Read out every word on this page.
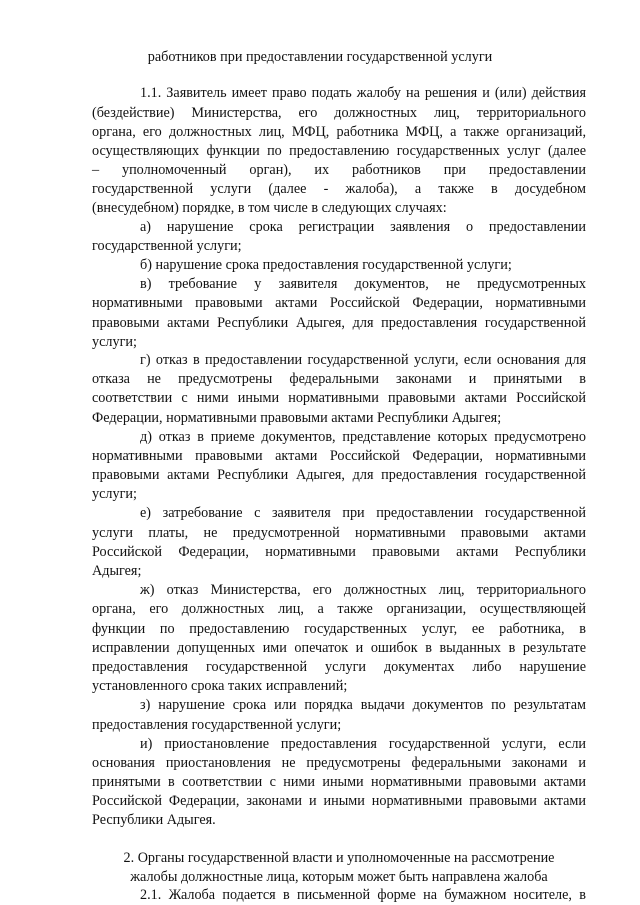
работников при предоставлении государственной услуги
1.1. Заявитель имеет право подать жалобу на решения и (или) действия
(бездействие) Министерства, его должностных лиц, территориального
органа, его должностных лиц, МФЦ, работника МФЦ, а также организаций,
осуществляющих функции по предоставлению государственных услуг (далее
– уполномоченный орган), их работников при предоставлении
государственной услуги (далее - жалоба), а также в досудебном
(внесудебном) порядке, в том числе в следующих случаях:
а) нарушение срока регистрации заявления о предоставлении
государственной услуги;
б) нарушение срока предоставления государственной услуги;
в) требование у заявителя документов, не предусмотренных
нормативными правовыми актами Российской Федерации, нормативными
правовыми актами Республики Адыгея, для предоставления государственной
услуги;
г) отказ в предоставлении государственной услуги, если основания для
отказа не предусмотрены федеральными законами и принятыми в
соответствии с ними иными нормативными правовыми актами Российской
Федерации, нормативными правовыми актами Республики Адыгея;
д) отказ в приеме документов, представление которых предусмотрено
нормативными правовыми актами Российской Федерации, нормативными
правовыми актами Республики Адыгея, для предоставления государственной
услуги;
е) затребование с заявителя при предоставлении государственной
услуги платы, не предусмотренной нормативными правовыми актами
Российской Федерации, нормативными правовыми актами Республики
Адыгея;
ж) отказ Министерства, его должностных лиц, территориального
органа, его должностных лиц, а также организации, осуществляющей
функции по предоставлению государственных услуг, ее работника, в
исправлении допущенных ими опечаток и ошибок в выданных в результате
предоставления государственной услуги документах либо нарушение
установленного срока таких исправлений;
з) нарушение срока или порядка выдачи документов по результатам
предоставления государственной услуги;
и) приостановление предоставления государственной услуги, если
основания приостановления не предусмотрены федеральными законами и
принятыми в соответствии с ними иными нормативными правовыми актами
Российской Федерации, законами и иными нормативными правовыми актами
Республики Адыгея.
2. Органы государственной власти и уполномоченные на рассмотрение
жалобы должностные лица, которым может быть направлена жалоба
2.1. Жалоба подается в письменной форме на бумажном носителе, в
